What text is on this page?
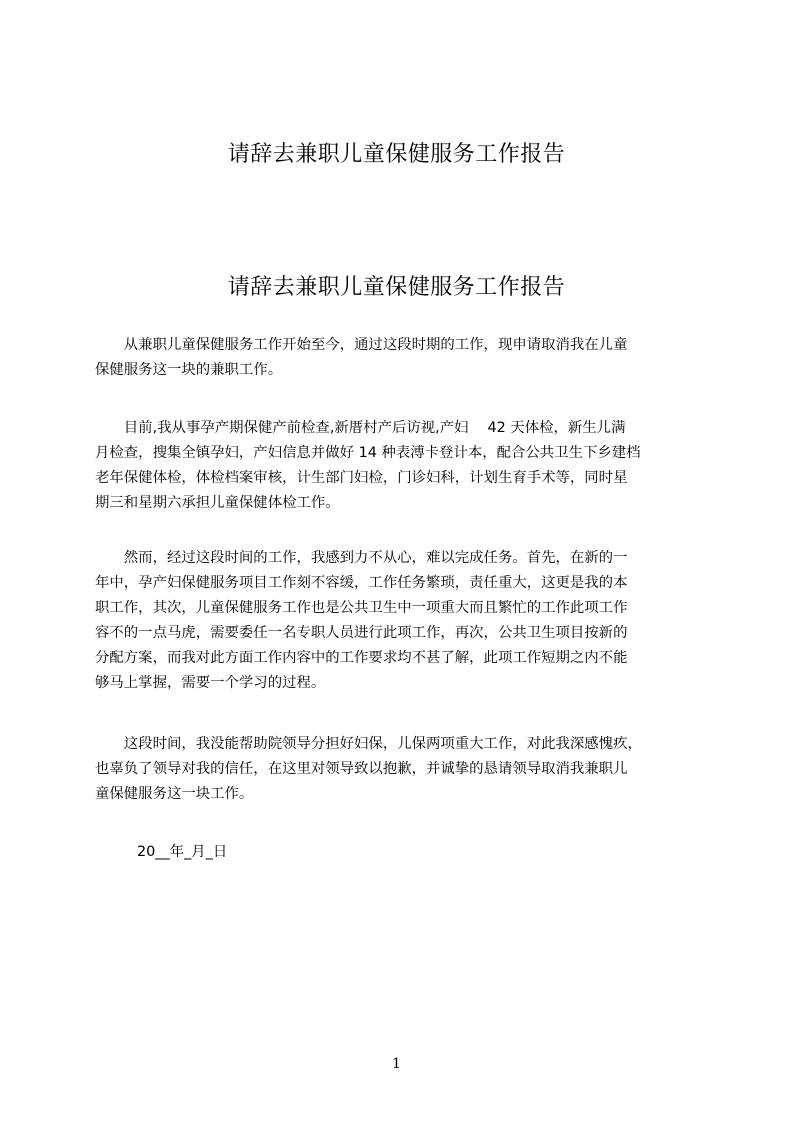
请辞去兼职儿童保健服务工作报告
请辞去兼职儿童保健服务工作报告
　　从兼职儿童保健服务工作开始至今，通过这段时期的工作，现申请取消我在儿童
保健服务这一块的兼职工作。
　　目前,我从事孕产期保健产前检查,新厝村产后访视,产妇　 42 天体检，新生儿满
月检查，搜集全镇孕妇，产妇信息并做好 14 种表溥卡登计本，配合公共卫生下乡建档
老年保健体检，体检档案审核，计生部门妇检，门诊妇科，计划生育手术等，同时星
期三和星期六承担儿童保健体检工作。
　　然而，经过这段时间的工作，我感到力不从心，难以完成任务。首先，在新的一
年中，孕产妇保健服务项目工作刻不容缓，工作任务繁琐，责任重大，这更是我的本
职工作，其次，儿童保健服务工作也是公共卫生中一项重大而且繁忙的工作此项工作
容不的一点马虎，需要委任一名专职人员进行此项工作，再次，公共卫生项目按新的
分配方案，而我对此方面工作内容中的工作要求均不甚了解，此项工作短期之内不能
够马上掌握，需要一个学习的过程。
　　这段时间，我没能帮助院领导分担好妇保，儿保两项重大工作，对此我深感愧疚，
也辜负了领导对我的信任，在这里对领导致以抱歉，并诚挚的恳请领导取消我兼职儿
童保健服务这一块工作。

20__年_月_日

1
